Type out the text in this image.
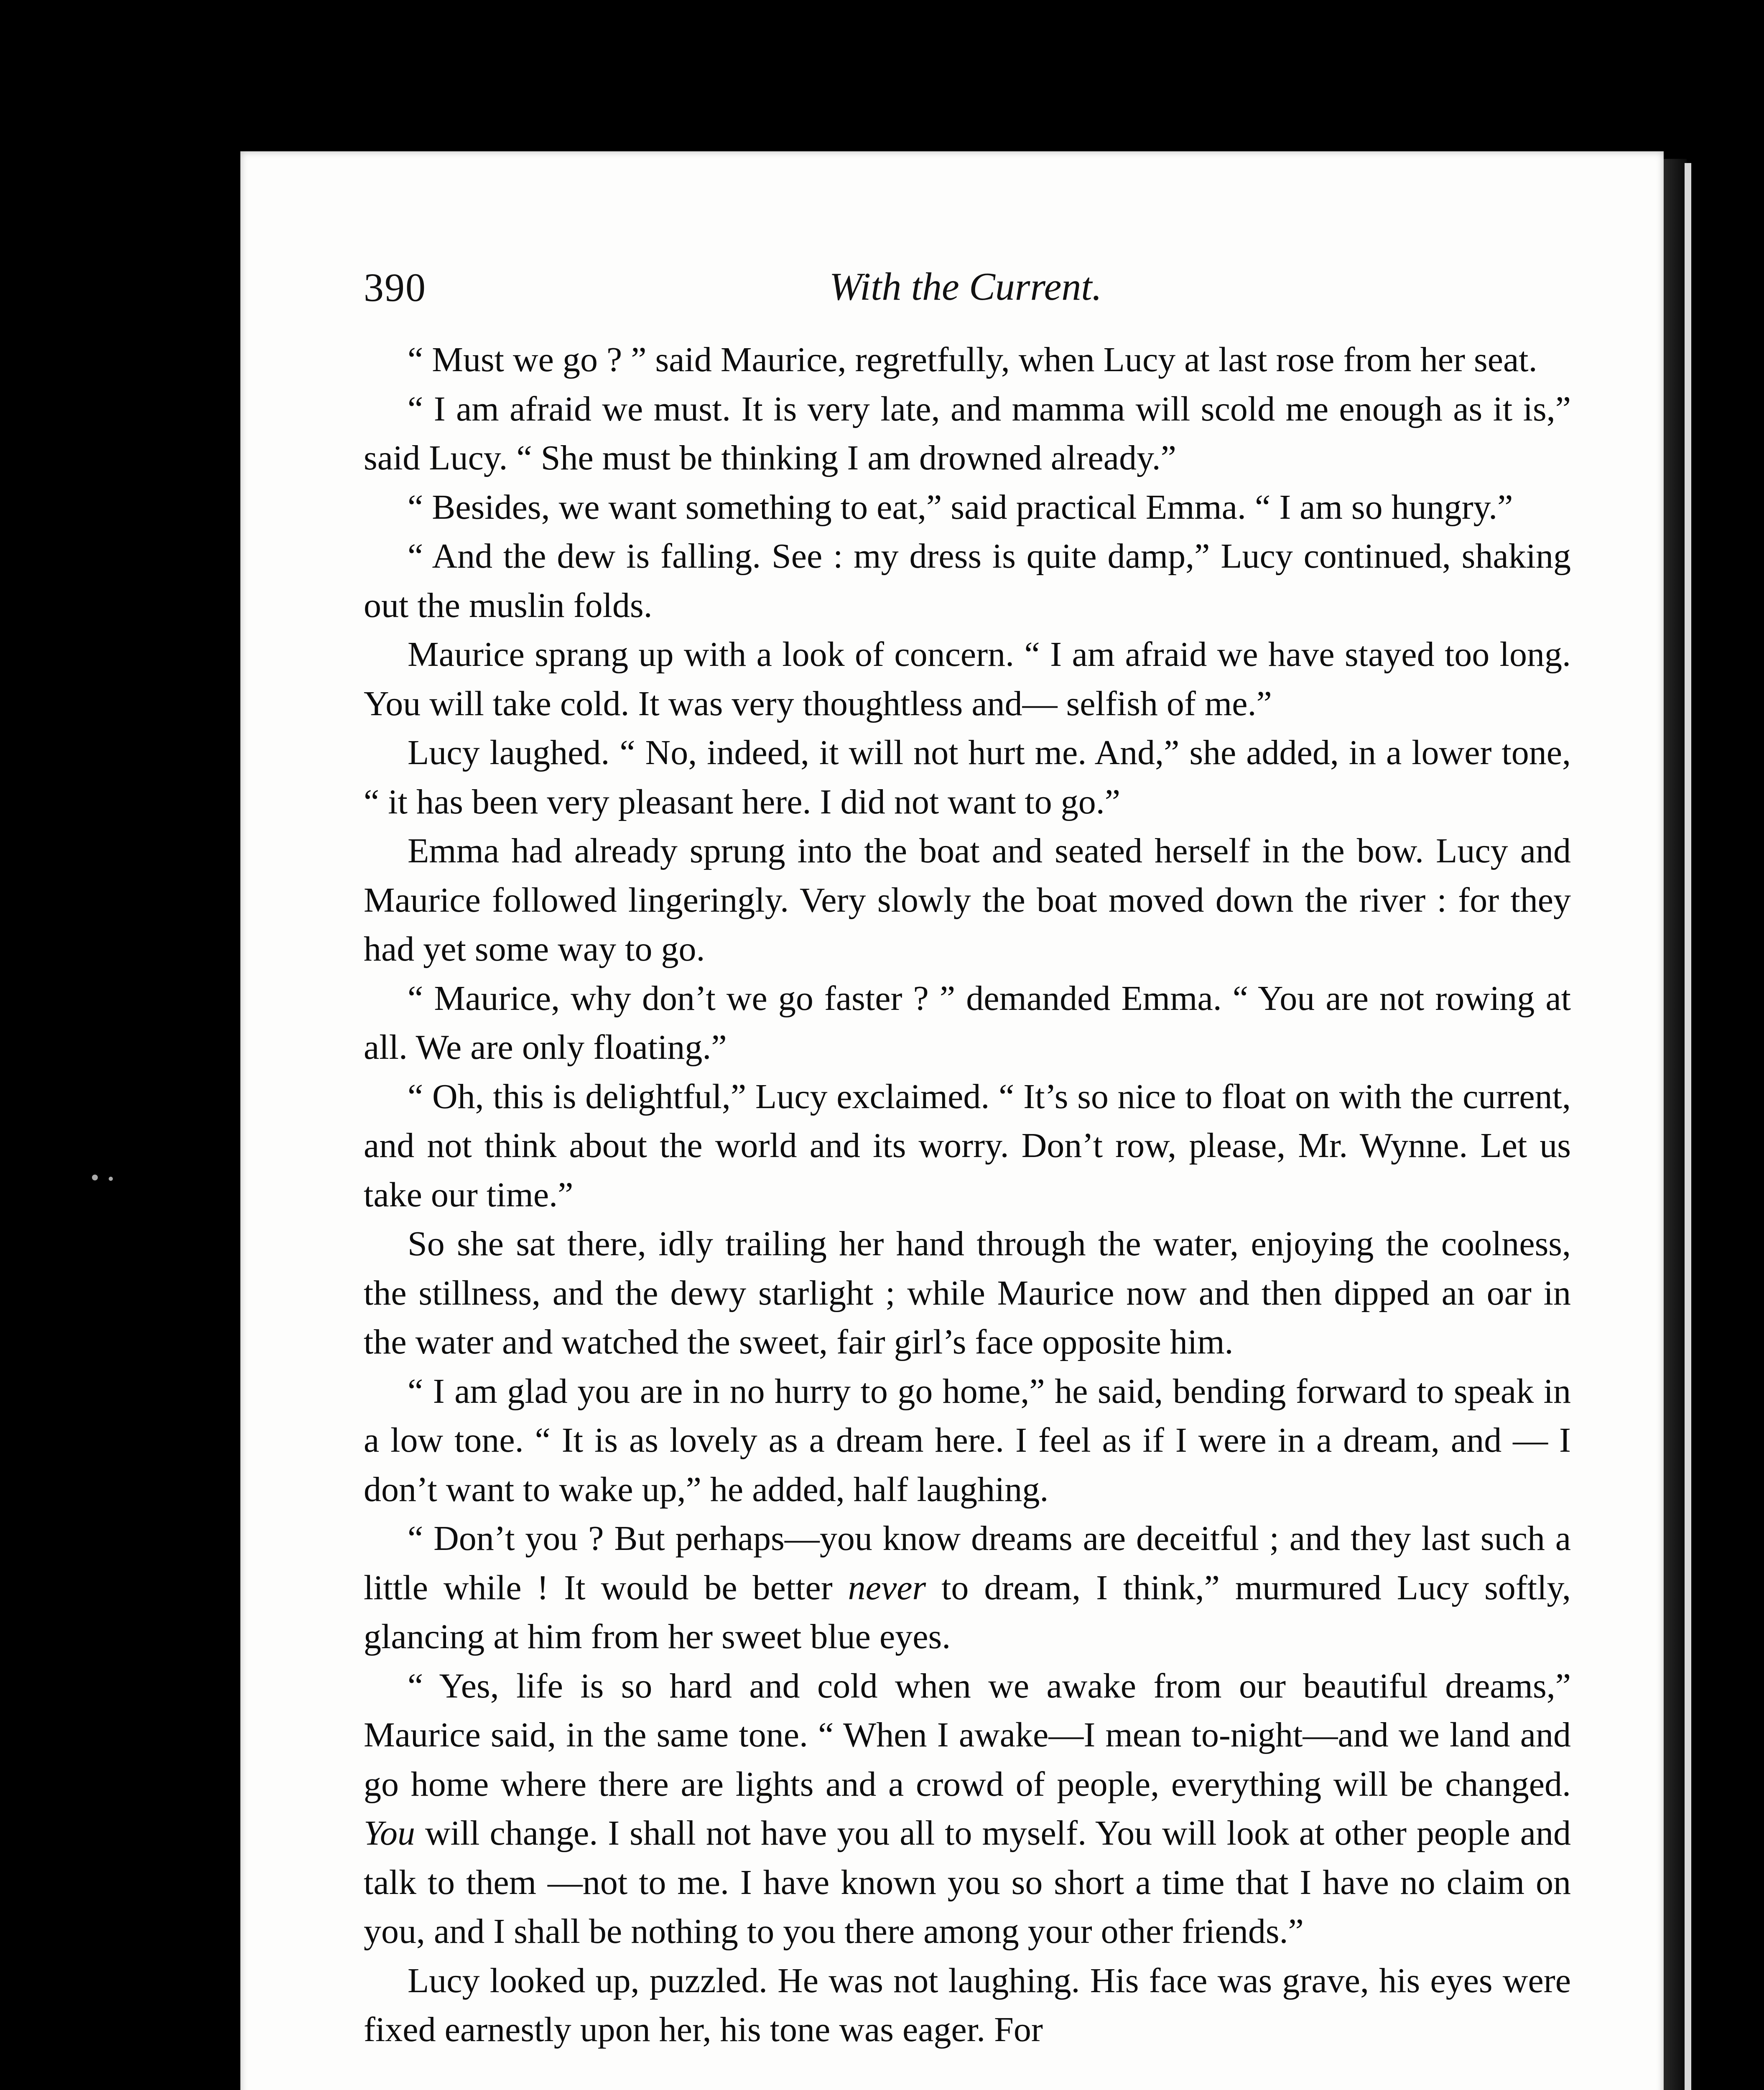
390	With the Current.

“ Must we go ? ” said Maurice, regretfully, when Lucy at last rose from her seat.

“ I am afraid we must. It is very late, and mamma will scold me enough as it is,” said Lucy. “ She must be thinking I am drowned already.”

“ Besides, we want something to eat,” said practical Emma. “ I am so hungry.”

“ And the dew is falling. See : my dress is quite damp,” Lucy continued, shaking out the muslin folds.

Maurice sprang up with a look of concern. “ I am afraid we have stayed too long. You will take cold. It was very thoughtless and— selfish of me.”

Lucy laughed. “ No, indeed, it will not hurt me. And,” she added, in a lower tone, “ it has been very pleasant here. I did not want to go.”

Emma had already sprung into the boat and seated herself in the bow. Lucy and Maurice followed lingeringly. Very slowly the boat moved down the river : for they had yet some way to go.

“ Maurice, why don’t we go faster ? ” demanded Emma. “ You are not rowing at all. We are only floating.”

“ Oh, this is delightful,” Lucy exclaimed. “ It’s so nice to float on with the current, and not think about the world and its worry. Don’t row, please, Mr. Wynne. Let us take our time.”

So she sat there, idly trailing her hand through the water, enjoying the coolness, the stillness, and the dewy starlight ; while Maurice now and then dipped an oar in the water and watched the sweet, fair girl’s face opposite him.

“ I am glad you are in no hurry to go home,” he said, bending forward to speak in a low tone. “ It is as lovely as a dream here. I feel as if I were in a dream, and — I don’t want to wake up,” he added, half laughing.

“ Don’t you ? But perhaps—you know dreams are deceitful ; and they last such a little while ! It would be better never to dream, I think,” murmured Lucy softly, glancing at him from her sweet blue eyes.

“ Yes, life is so hard and cold when we awake from our beautiful dreams,” Maurice said, in the same tone. “ When I awake—I mean to-night—and we land and go home where there are lights and a crowd of people, everything will be changed. You will change. I shall not have you all to myself. You will look at other people and talk to them —not to me. I have known you so short a time that I have no claim on you, and I shall be nothing to you there among your other friends.”

Lucy looked up, puzzled. He was not laughing. His face was grave, his eyes were fixed earnestly upon her, his tone was eager. For
